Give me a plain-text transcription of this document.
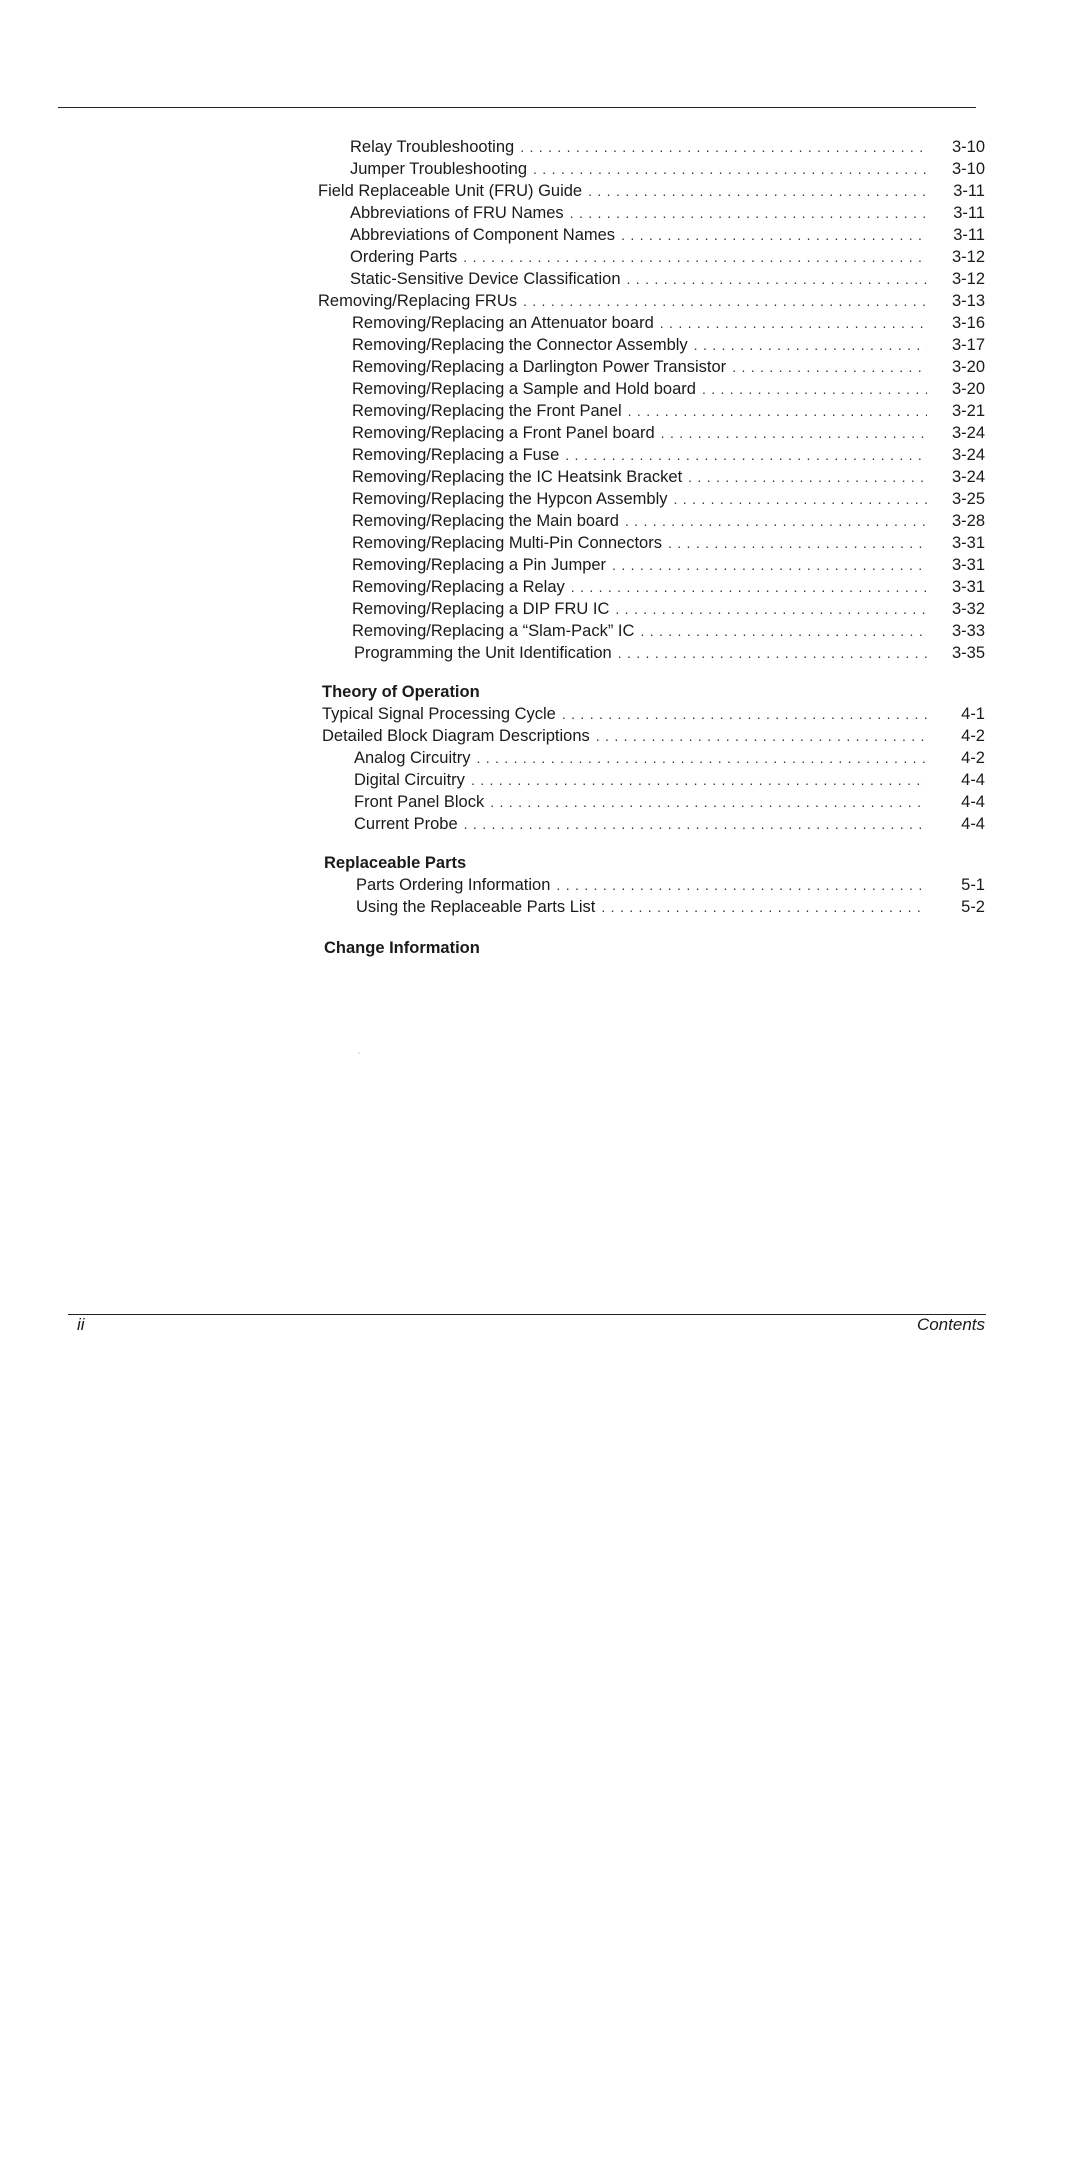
Relay Troubleshooting . . .	3-10
Jumper Troubleshooting . . .	3-10
Field Replaceable Unit (FRU) Guide . . .	3-11
Abbreviations of FRU Names . . .	3-11
Abbreviations of Component Names . . .	3-11
Ordering Parts . . .	3-12
Static-Sensitive Device Classification . . .	3-12
Removing/Replacing FRUs . . .	3-13
Removing/Replacing an Attenuator board . . .	3-16
Removing/Replacing the Connector Assembly . . .	3-17
Removing/Replacing a Darlington Power Transistor . . .	3-20
Removing/Replacing a Sample and Hold board . . .	3-20
Removing/Replacing the Front Panel . . .	3-21
Removing/Replacing a Front Panel board . . .	3-24
Removing/Replacing a Fuse . . .	3-24
Removing/Replacing the IC Heatsink Bracket . . .	3-24
Removing/Replacing the Hypcon Assembly . . .	3-25
Removing/Replacing the Main board . . .	3-28
Removing/Replacing Multi-Pin Connectors . . .	3-31
Removing/Replacing a Pin Jumper . . .	3-31
Removing/Replacing a Relay . . .	3-31
Removing/Replacing a DIP FRU IC . . .	3-32
Removing/Replacing a “Slam-Pack” IC . . .	3-33
Programming the Unit Identification . . .	3-35
Theory of Operation
Typical Signal Processing Cycle . . .	4-1
Detailed Block Diagram Descriptions . . .	4-2
Analog Circuitry . . .	4-2
Digital Circuitry . . .	4-4
Front Panel Block . . .	4-4
Current Probe . . .	4-4
Replaceable Parts
Parts Ordering Information . . .	5-1
Using the Replaceable Parts List . . .	5-2
Change Information
ii	Contents
